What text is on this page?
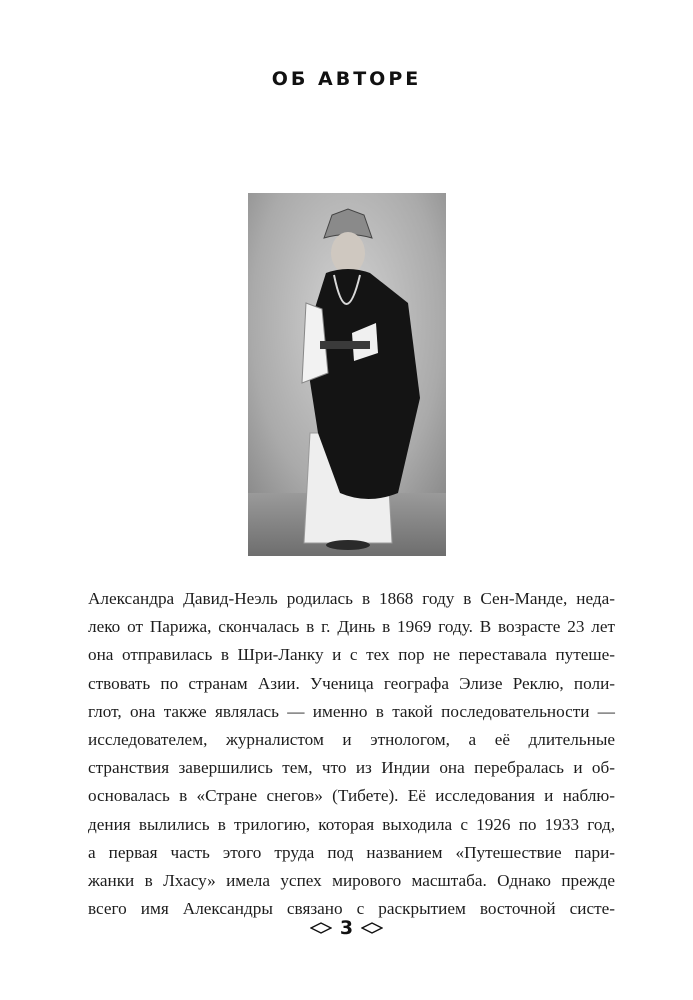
ОБ АВТОРЕ
Александра Давид-Неэль родилась в 1868 году в Сен-Манде, неда-
леко от Парижа, скончалась в г. Динь в 1969 году. В возрасте 23 лет
она отправилась в Шри-Ланку и с тех пор не переставала путеше-
ствовать по странам Азии. Ученица географа Элизе Реклю, поли-
глот, она также являлась — именно в такой последовательности —
исследователем, журналистом и этнологом, а её длительные
странствия завершились тем, что из Индии она перебралась и об-
основалась в «Стране снегов» (Тибете). Её исследования и наблю-
дения вылились в трилогию, которая выходила с 1926 по 1933 год,
а первая часть этого труда под названием «Путешествие пари-
жанки в Лхасу» имела успех мирового масштаба. Однако прежде
всего имя Александры связано с раскрытием восточной систе-
3
